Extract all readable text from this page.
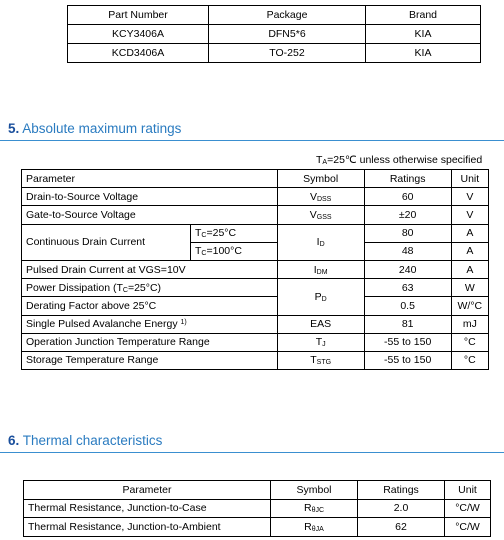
Part Number	Package	Brand
KCY3406A	DFN5*6	KIA
KCD3406A	TO-252	KIA
5. Absolute maximum ratings
$T_A=25℃$ unless otherwise specified
Parameter		Symbol	Ratings	Unit
Drain-to-Source Voltage		$V_{DSS}$	60	V
Gate-to-Source Voltage		$V_{GSS}$	±20	V
Continuous Drain Current	$T_C=25^\circ C$	$I_D$	80	A
	$T_C=100^\circ C$		48	A
Pulsed Drain Current at VGS=10V		$I_{DM}$	240	A
Power Dissipation $(T_C=25^\circ C)$		$P_D$	63	W
Derating Factor above 25°C			0.5	W/°C
Single Pulsed Avalanche Energy $^{1)}$		EAS	81	mJ
Operation Junction Temperature Range		$T_J$	-55 to 150	°C
Storage Temperature Range		$T_{STG}$	-55 to 150	°C
6. Thermal characteristics
Parameter	Symbol	Ratings	Unit
Thermal Resistance, Junction-to-Case	$R_{\theta JC}$	2.0	°C/W
Thermal Resistance, Junction-to-Ambient	$R_{\theta JA}$	62	°C/W
